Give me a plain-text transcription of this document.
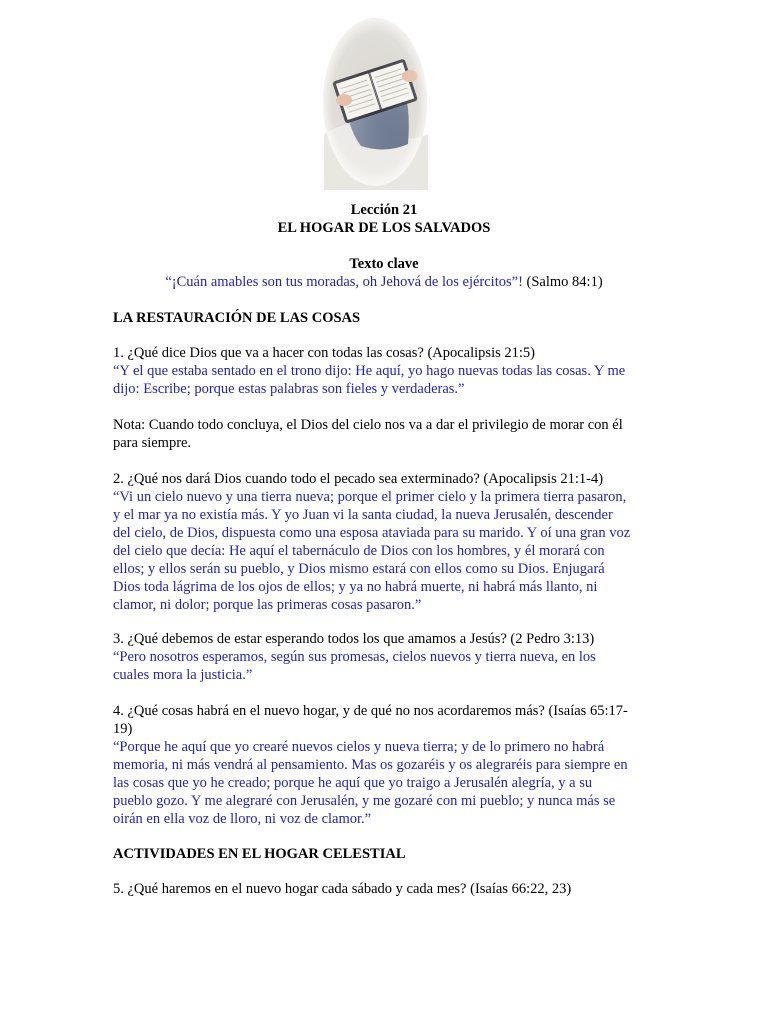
Lección 21
EL HOGAR DE LOS SALVADOS
Texto clave
“¡Cuán amables son tus moradas, oh Jehová de los ejércitos”! (Salmo 84:1)
LA RESTAURACIÓN DE LAS COSAS

1. ¿Qué dice Dios que va a hacer con todas las cosas? (Apocalipsis 21:5)

“Y el que estaba sentado en el trono dijo: He aquí, yo hago nuevas todas las cosas. Y me dijo: Escribe; porque estas palabras son fieles y verdaderas.”

Nota: Cuando todo concluya, el Dios del cielo nos va a dar el privilegio de morar con él para siempre.

2. ¿Qué nos dará Dios cuando todo el pecado sea exterminado? (Apocalipsis 21:1-4)

“Vi un cielo nuevo y una tierra nueva; porque el primer cielo y la primera tierra pasaron, y el mar ya no existía más. Y yo Juan vi la santa ciudad, la nueva Jerusalén, descender del cielo, de Dios, dispuesta como una esposa ataviada para su marido. Y oí una gran voz del cielo que decía: He aquí el tabernáculo de Dios con los hombres, y él morará con ellos; y ellos serán su pueblo, y Dios mismo estará con ellos como su Dios. Enjugará Dios toda lágrima de los ojos de ellos; y ya no habrá muerte, ni habrá más llanto, ni clamor, ni dolor; porque las primeras cosas pasaron.”

3. ¿Qué debemos de estar esperando todos los que amamos a Jesús? (2 Pedro 3:13)

“Pero nosotros esperamos, según sus promesas, cielos nuevos y tierra nueva, en los cuales mora la justicia.”

4. ¿Qué cosas habrá en el nuevo hogar, y de qué no nos acordaremos más? (Isaías 65:17-19)

“Porque he aquí que yo crearé nuevos cielos y nueva tierra; y de lo primero no habrá memoria, ni más vendrá al pensamiento. Mas os gozaréis y os alegraréis para siempre en las cosas que yo he creado; porque he aquí que yo traigo a Jerusalén alegría, y a su pueblo gozo. Y me alegraré con Jerusalén, y me gozaré con mi pueblo; y nunca más se oirán en ella voz de lloro, ni voz de clamor.”

ACTIVIDADES EN EL HOGAR CELESTIAL

5. ¿Qué haremos en el nuevo hogar cada sábado y cada mes? (Isaías 66:22, 23)
